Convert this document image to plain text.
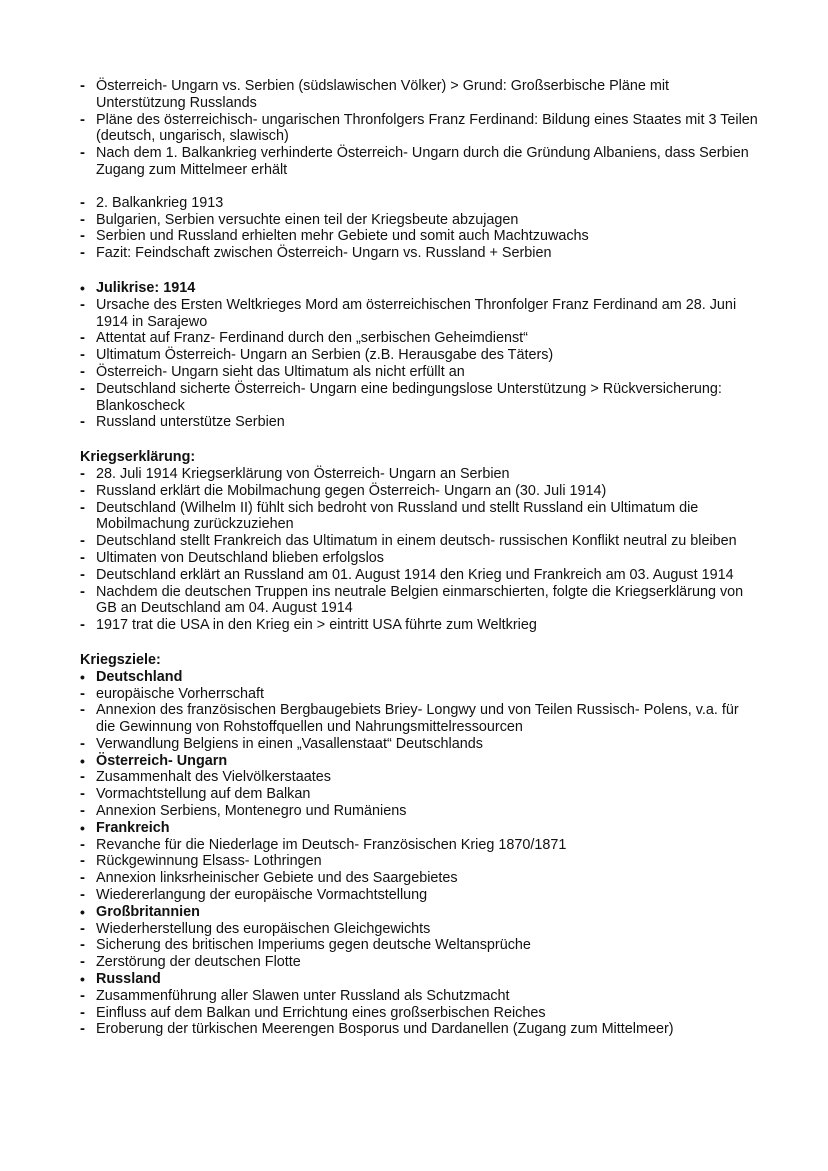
- Österreich- Ungarn vs. Serbien (südslawischen Völker) > Grund: Großserbische Pläne mit Unterstützung Russlands
- Pläne des österreichisch- ungarischen Thronfolgers Franz Ferdinand: Bildung eines Staates mit 3 Teilen (deutsch, ungarisch, slawisch)
- Nach dem 1. Balkankrieg verhinderte Österreich- Ungarn durch die Gründung Albaniens, dass Serbien Zugang zum Mittelmeer erhält
- 2. Balkankrieg 1913
- Bulgarien, Serbien versuchte einen teil der Kriegsbeute abzujagen
- Serbien und Russland erhielten mehr Gebiete und somit auch Machtzuwachs
- Fazit: Feindschaft zwischen Österreich- Ungarn vs. Russland + Serbien
• Julikrise: 1914
- Ursache des Ersten Weltkrieges Mord am österreichischen Thronfolger Franz Ferdinand am 28. Juni 1914 in Sarajewo
- Attentat auf Franz- Ferdinand durch den „serbischen Geheimdienst“
- Ultimatum Österreich- Ungarn an Serbien (z.B. Herausgabe des Täters)
- Österreich- Ungarn sieht das Ultimatum als nicht erfüllt an
- Deutschland sicherte Österreich- Ungarn eine bedingungslose Unterstützung > Rückversicherung: Blankoscheck
- Russland unterstütze Serbien
Kriegserklärung:
- 28. Juli 1914 Kriegserklärung von Österreich- Ungarn an Serbien
- Russland erklärt die Mobilmachung gegen Österreich- Ungarn an (30. Juli 1914)
- Deutschland (Wilhelm II) fühlt sich bedroht von Russland und stellt Russland ein Ultimatum die Mobilmachung zurückzuziehen
- Deutschland stellt Frankreich das Ultimatum in einem deutsch- russischen Konflikt neutral zu bleiben
- Ultimaten von Deutschland blieben erfolgslos
- Deutschland erklärt an Russland am 01. August 1914 den Krieg und Frankreich am 03. August 1914
- Nachdem die deutschen Truppen ins neutrale Belgien einmarschierten, folgte die Kriegserklärung von GB an Deutschland am 04. August 1914
- 1917 trat die USA in den Krieg ein > eintritt USA führte zum Weltkrieg
Kriegsziele:
• Deutschland
- europäische Vorherrschaft
- Annexion des französischen Bergbaugebiets Briey- Longwy und von Teilen Russisch- Polens, v.a. für die Gewinnung von Rohstoffquellen und Nahrungsmittelressourcen
- Verwandlung Belgiens in einen „Vasallenstaat“ Deutschlands
• Österreich- Ungarn
- Zusammenhalt des Vielvölkerstaates
- Vormachtstellung auf dem Balkan
- Annexion Serbiens, Montenegro und Rumäniens
• Frankreich
- Revanche für die Niederlage im Deutsch- Französischen Krieg 1870/1871
- Rückgewinnung Elsass- Lothringen
- Annexion linksrheinischer Gebiete und des Saargebietes
- Wiedererlangung der europäische Vormachtstellung
• Großbritannien
- Wiederherstellung des europäischen Gleichgewichts
- Sicherung des britischen Imperiums gegen deutsche Weltansprüche
- Zerstörung der deutschen Flotte
• Russland
- Zusammenführung aller Slawen unter Russland als Schutzmacht
- Einfluss auf dem Balkan und Errichtung eines großserbischen Reiches
- Eroberung der türkischen Meerengen Bosporus und Dardanellen (Zugang zum Mittelmeer)
